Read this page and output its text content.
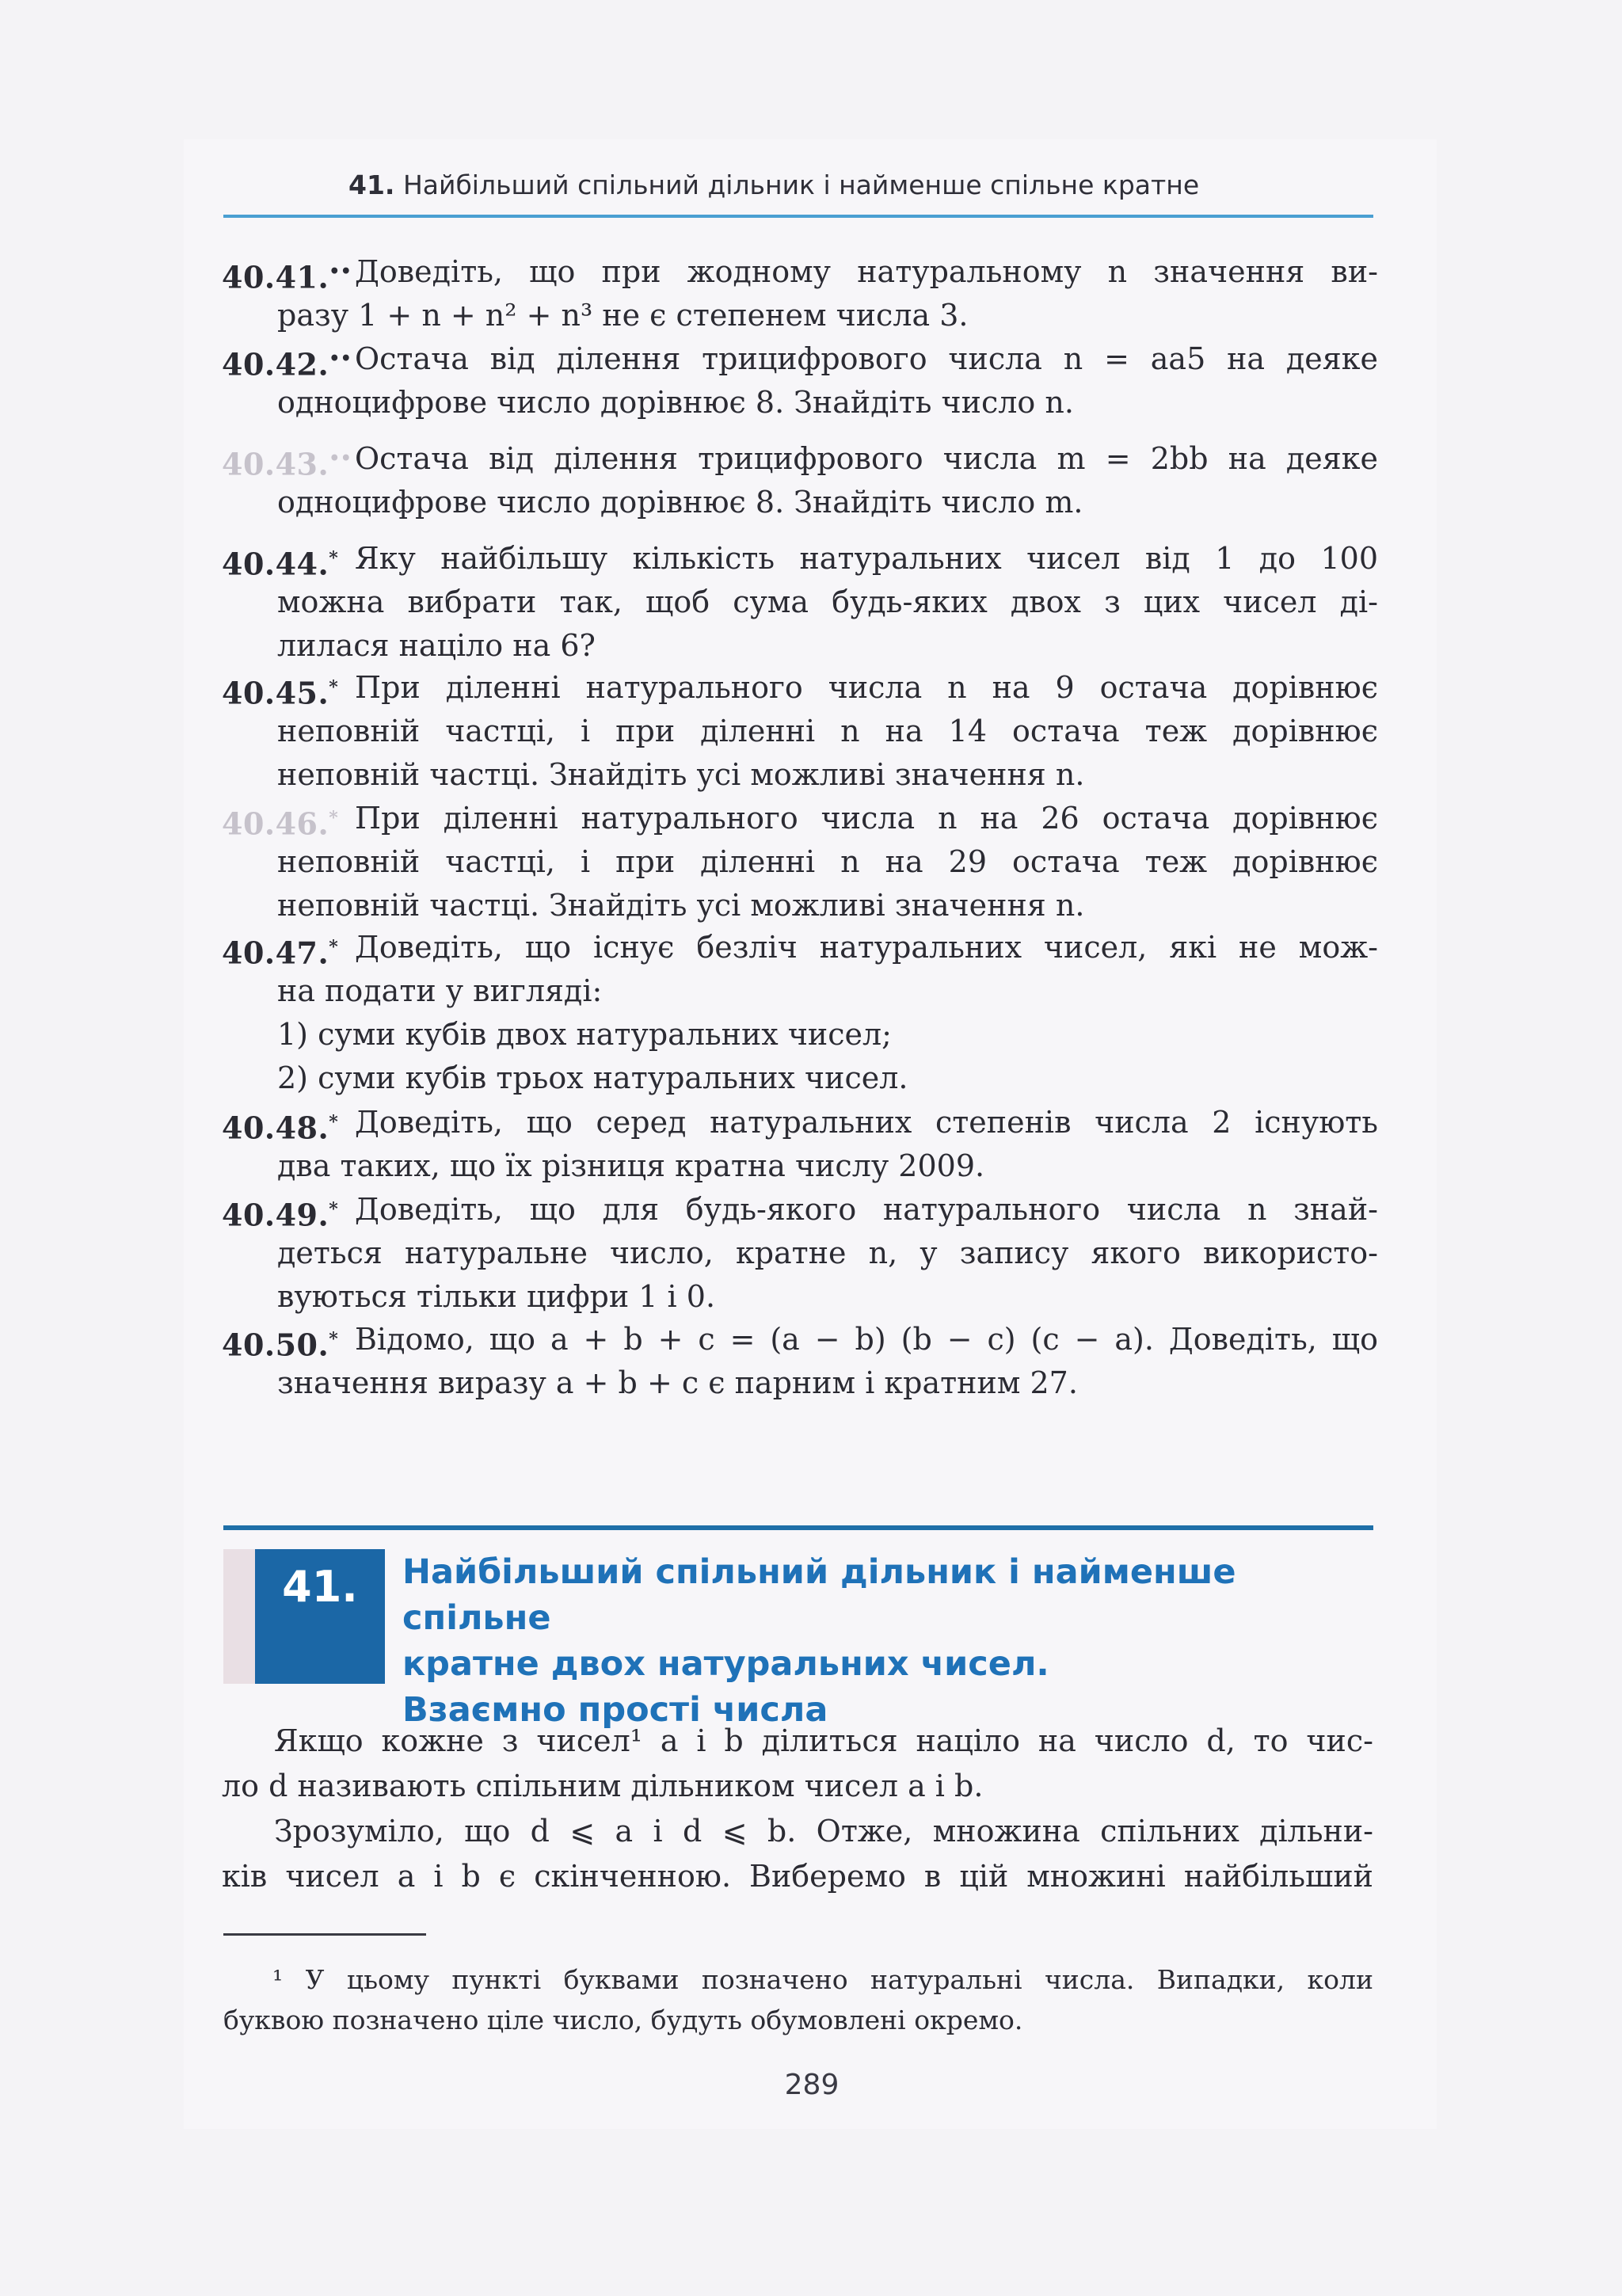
41. Найбільший спільний дільник і найменше спільне кратне
40.41.•• Доведіть, що при жодному натуральному n значення ви-
разу 1 + n + n² + n³ не є степенем числа 3.
40.42.•• Остача від ділення трицифрового числа n = aa5 на деяке
одноцифрове число дорівнює 8. Знайдіть число n.
40.43.•• Остача від ділення трицифрового числа m = 2bb на деяке
одноцифрове число дорівнює 8. Знайдіть число m.
40.44.* Яку найбільшу кількість натуральних чисел від 1 до 100
можна вибрати так, щоб сума будь-яких двох з цих чисел ді-
лилася націло на 6?
40.45.* При діленні натурального числа n на 9 остача дорівнює
неповній частці, і при діленні n на 14 остача теж дорівнює
неповній частці. Знайдіть усі можливі значення n.
40.46.* При діленні натурального числа n на 26 остача дорівнює
неповній частці, і при діленні n на 29 остача теж дорівнює
неповній частці. Знайдіть усі можливі значення n.
40.47.* Доведіть, що існує безліч натуральних чисел, які не мож-
на подати у вигляді:
1) суми кубів двох натуральних чисел;
2) суми кубів трьох натуральних чисел.
40.48.* Доведіть, що серед натуральних степенів числа 2 існують
два таких, що їх різниця кратна числу 2009.
40.49.* Доведіть, що для будь-якого натурального числа n знай-
деться натуральне число, кратне n, у запису якого використо-
вуються тільки цифри 1 і 0.
40.50.* Відомо, що a + b + c = (a − b) (b − c) (c − a). Доведіть, що
значення виразу a + b + c є парним і кратним 27.
41.	Найбільший спільний дільник і найменше спільне
кратне двох натуральних чисел.
Взаємно прості числа
Якщо кожне з чисел¹ a і b ділиться націло на число d, то чис-
ло d називають спільним дільником чисел a і b.
Зрозуміло, що d ⩽ a і d ⩽ b. Отже, множина спільних дільни-
ків чисел a і b є скінченною. Виберемо в цій множині найбільший
¹ У цьому пункті буквами позначено натуральні числа. Випадки, коли
буквою позначено ціле число, будуть обумовлені окремо.
289
